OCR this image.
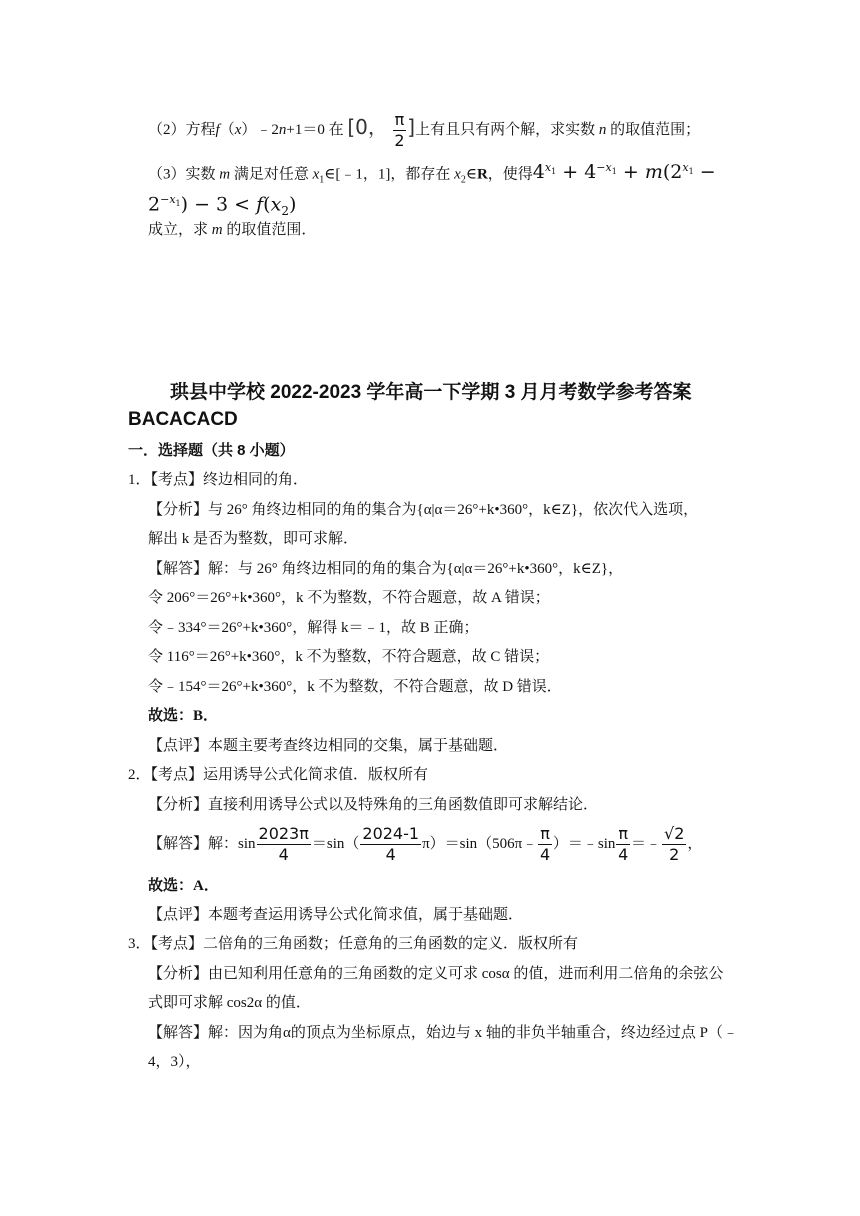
（2）方程f（x）﹣2n+1＝0 在 [0， $\frac{\pi}{2}$ ]上有且只有两个解，求实数 n 的取值范围；
（3）实数 m 满足对任意 $x_1\in[﹣1$，1]，都存在 $x_2\in R$，使得$4^{x_1} + 4^{-x_1} + m(2^{x_1}$ −
$2^{-x_1}) - 3 < f(x_2)$
成立，求 m 的取值范围．
珙县中学校 2022-2023 学年高一下学期 3 月月考数学参考答案
BACACACD
一．选择题（共 8 小题）
1．【考点】终边相同的角．
【分析】与 26° 角终边相同的角的集合为{α|α＝26°+k•360°，k∈Z}，依次代入选项，
解出 k 是否为整数，即可求解．
【解答】解：与 26° 角终边相同的角的集合为{α|α＝26°+k•360°，k∈Z}，
令 206°＝26°+k•360°，k 不为整数，不符合题意，故 A 错误；
令﹣334°＝26°+k•360°，解得 k＝﹣1，故 B 正确；
令 116°＝26°+k•360°，k 不为整数，不符合题意，故 C 错误；
令﹣154°＝26°+k•360°，k 不为整数，不符合题意，故 D 错误．
故选：B．
【点评】本题主要考查终边相同的交集，属于基础题．
2．【考点】运用诱导公式化简求值．版权所有
【分析】直接利用诱导公式以及特殊角的三角函数值即可求解结论．
【解答】解：$\sin \frac{2023\pi}{4} =\sin( \frac{2024-1}{4}$ π）＝sin（506π﹣ $\frac{\pi}{4}$ ）＝﹣sin $\frac{\pi}{4}$ ＝﹣ $\frac{√2}{2}$ ，
故选：A．
【点评】本题考查运用诱导公式化简求值，属于基础题．
3．【考点】二倍角的三角函数；任意角的三角函数的定义．版权所有
【分析】由已知利用任意角的三角函数的定义可求 cosα 的值，进而利用二倍角的余弦公
式即可求解 cos2α 的值．
【解答】解：因为角α的顶点为坐标原点，始边与 x 轴的非负半轴重合，终边经过点 P（﹣
4，3），
